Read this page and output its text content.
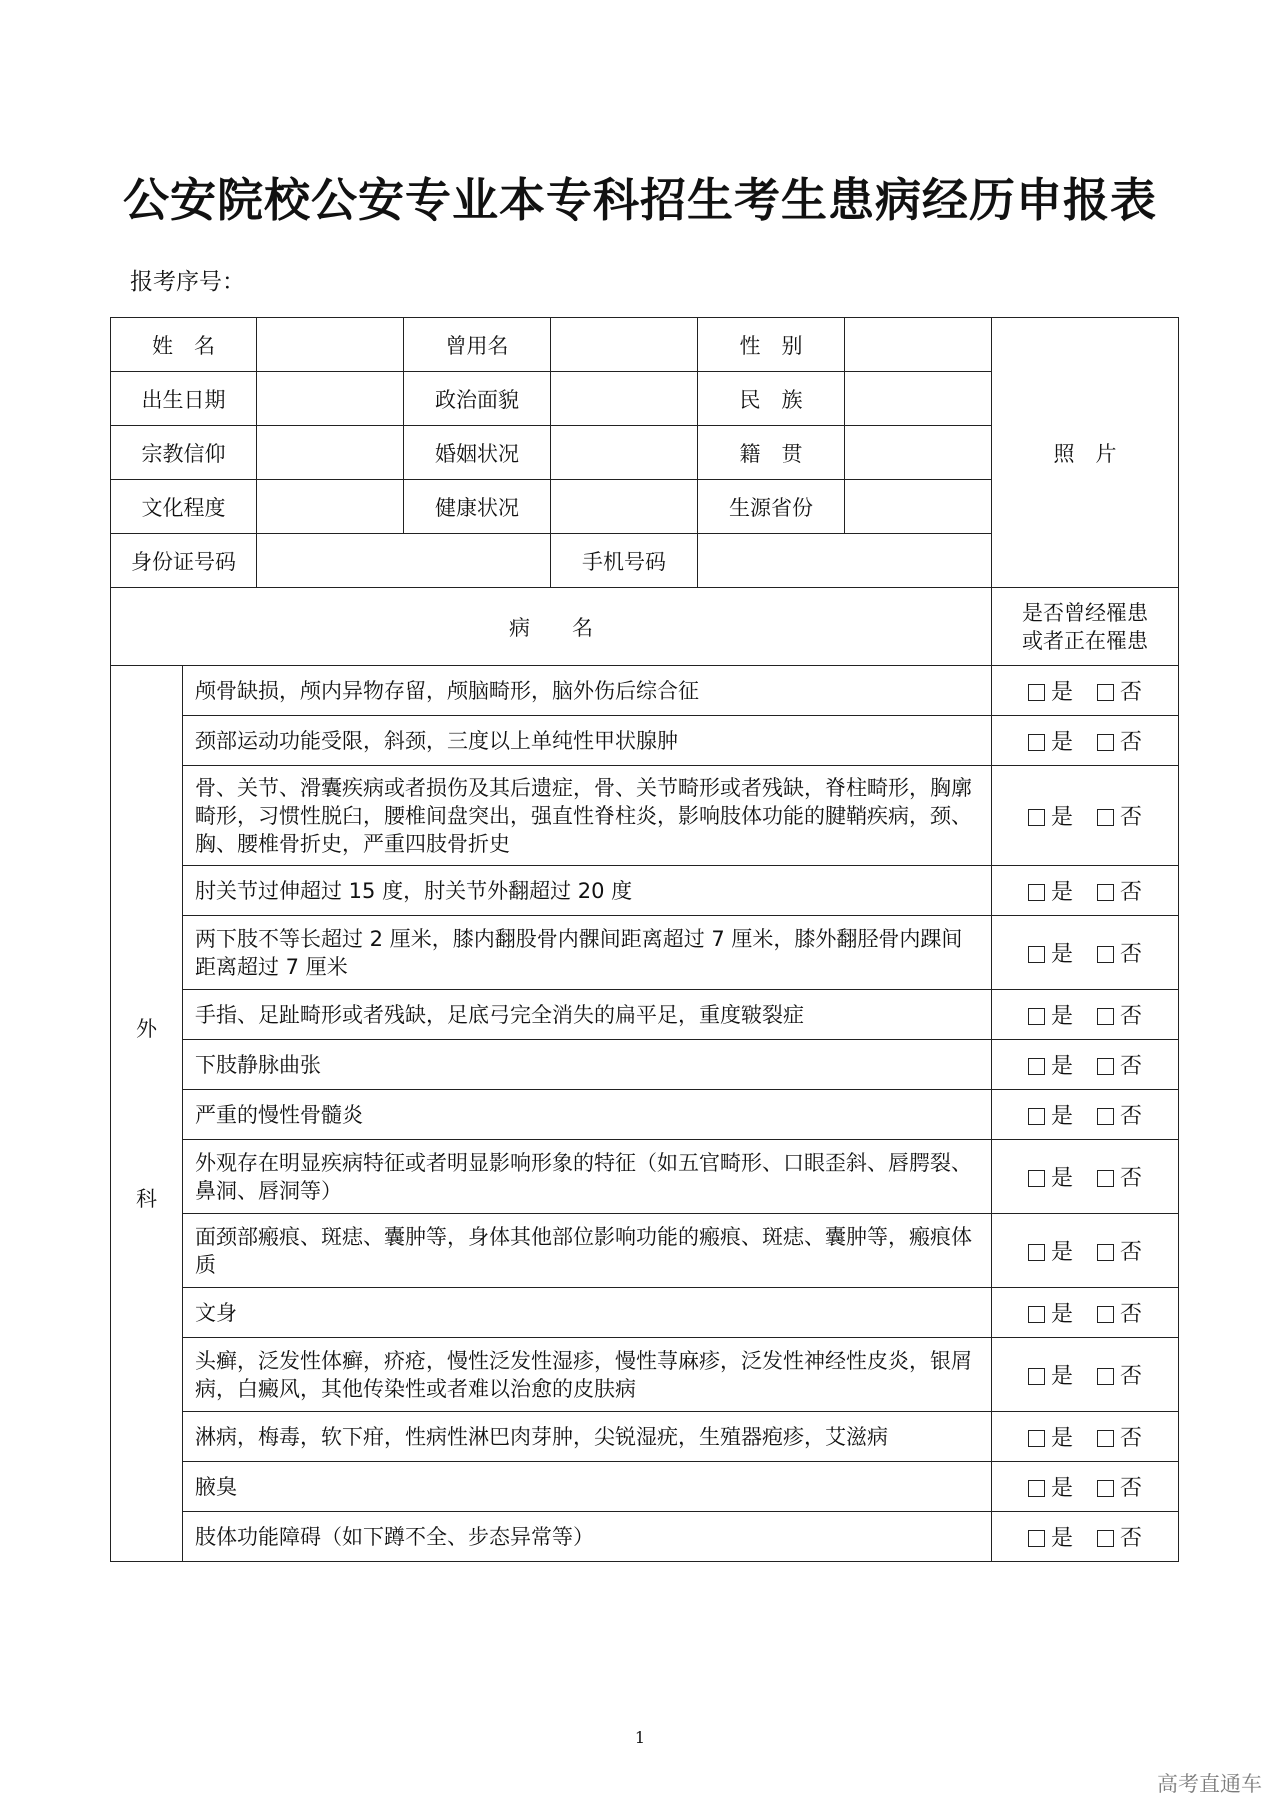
公安院校公安专业本专科招生考生患病经历申报表
报考序号：
姓　名			曾用名		性　别		照　片
出生日期			政治面貌		民　族		
宗教信仰			婚姻状况		籍　贯		
文化程度			健康状况		生源省份		
身份证号码				手机号码			
病　　名							是否曾经罹患
或者正在罹患

外
科	颅骨缺损，颅内异物存留，颅脑畸形，脑外伤后综合征						是 否
	颈部运动功能受限，斜颈，三度以上单纯性甲状腺肿						是 否
	骨、关节、滑囊疾病或者损伤及其后遗症，骨、关节畸形或者残缺，脊柱畸形，胸廓畸形，习惯性脱臼，腰椎间盘突出，强直性脊柱炎，影响肢体功能的腱鞘疾病，颈、胸、腰椎骨折史，严重四肢骨折史						是 否
	肘关节过伸超过 15 度，肘关节外翻超过 20 度						是 否
	两下肢不等长超过 2 厘米，膝内翻股骨内髁间距离超过 7 厘米，膝外翻胫骨内踝间距离超过 7 厘米						是 否
	手指、足趾畸形或者残缺，足底弓完全消失的扁平足，重度皲裂症						是 否
	下肢静脉曲张						是 否
	严重的慢性骨髓炎						是 否
	外观存在明显疾病特征或者明显影响形象的特征（如五官畸形、口眼歪斜、唇腭裂、鼻洞、唇洞等）						是 否
	面颈部瘢痕、斑痣、囊肿等，身体其他部位影响功能的瘢痕、斑痣、囊肿等，瘢痕体质						是 否
	文身						是 否
	头癣，泛发性体癣，疥疮，慢性泛发性湿疹，慢性荨麻疹，泛发性神经性皮炎，银屑病，白癜风，其他传染性或者难以治愈的皮肤病						是 否
	淋病，梅毒，软下疳，性病性淋巴肉芽肿，尖锐湿疣，生殖器疱疹，艾滋病						是 否
	腋臭						是 否
	肢体功能障碍（如下蹲不全、步态异常等）						是 否
1
高考直通车
